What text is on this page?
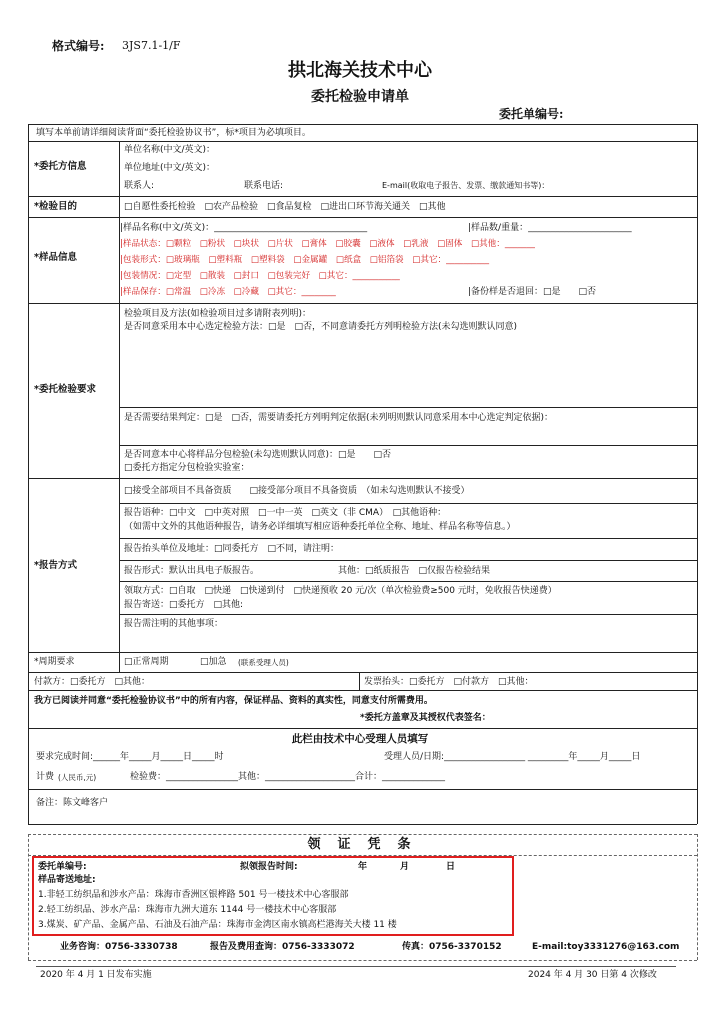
格式编号: 3JS7.1-1/F
拱北海关技术中心
委托检验申请单
委托单编号:
填写本单前请详细阅读背面“委托检验协议书”，标*项目为必填项目。
*委托方信息
单位名称(中文/英文)：
单位地址(中文/英文)：
联系人:	联系电话:	E-mail(收取电子报告、发票、缴款通知书等)：
*检验目的	□自愿性委托检验　□农产品检验　□食品复检　□进出口环节海关通关　□其他
*样品信息
|样品名称(中文/英文)：__________________________________	|样品数/重量：_______________________
|样品状态：□颗粒　□粉状　□块状　□片状　□膏体　□胶囊　□液体　□乳液　□固体　□其他：_______
|包装形式：□玻璃瓶　□塑料瓶　□塑料袋　□金属罐　□纸盒　□铝箔袋　□其它：__________
|包装情况：□定型　□散装　□封口　□包装完好　□其它：___________
|样品保存：□常温　□冷冻　□冷藏　□其它：________	|备份样是否退回：□是　　□否
*委托检验要求
检验项目及方法(如检验项目过多请附表列明)：
是否同意采用本中心选定检验方法：□是　□否，不同意请委托方列明检验方法(未勾选则默认同意)
是否需要结果判定：□是　□否，需要请委托方列明判定依据(未列明则默认同意采用本中心选定判定依据)：
是否同意本中心将样品分包检验(未勾选则默认同意)：□是　　□否
□委托方指定分包检验实验室：
*报告方式
□接受全部项目不具备资质　　□接受部分项目不具备资质　（如未勾选则默认不接受）
报告语种：□中文　□中英对照　□一中一英　□英文（非 CMA）　□其他语种：
（如需中文外的其他语种报告，请务必详细填写相应语种委托单位全称、地址、样品名称等信息。）
报告抬头单位及地址：□同委托方　□不同，请注明：
报告形式：默认出具电子版报告。	其他：□纸质报告　□仅报告检验结果
领取方式：□自取　□快递　□快递到付　□快递预收 20 元/次（单次检验费≥500 元时，免收报告快递费）
报告寄送：□委托方　□其他:
报告需注明的其他事项：
*周期要求	□正常周期	□加急 (联系受理人员)
付款方：□委托方　□其他：	发票抬头：□委托方　□付款方　□其他：
我方已阅读并同意“委托检验协议书”中的所有内容，保证样品、资料的真实性，同意支付所需费用。
*委托方盖章及其授权代表签名：
此栏由技术中心受理人员填写
要求完成时间:______年_____月_____日_____时	受理人员/日期:__________________ _________年_____月_____日
计费 (人民币,元)	检验费：________________其他：____________________合计：______________
备注：陈文峰客户
领　证　凭　条
委托单编号:	拟领报告时间:	年	月	日
样品寄送地址:
1.非轻工纺织品和涉水产品：珠海市香洲区银桦路 501 号一楼技术中心客服部
2.轻工纺织品、涉水产品：珠海市九洲大道东 1144 号一楼技术中心客服部
3.煤炭、矿产品、金属产品、石油及石油产品：珠海市金湾区南水镇高栏港海关大楼 11 楼
业务咨询：0756-3330738	报告及费用查询：0756-3333072	传真：0756-3370152	E-mail:toy3331276@163.com
2020 年 4 月 1 日发布实施	2024 年 4 月 30 日第 4 次修改
